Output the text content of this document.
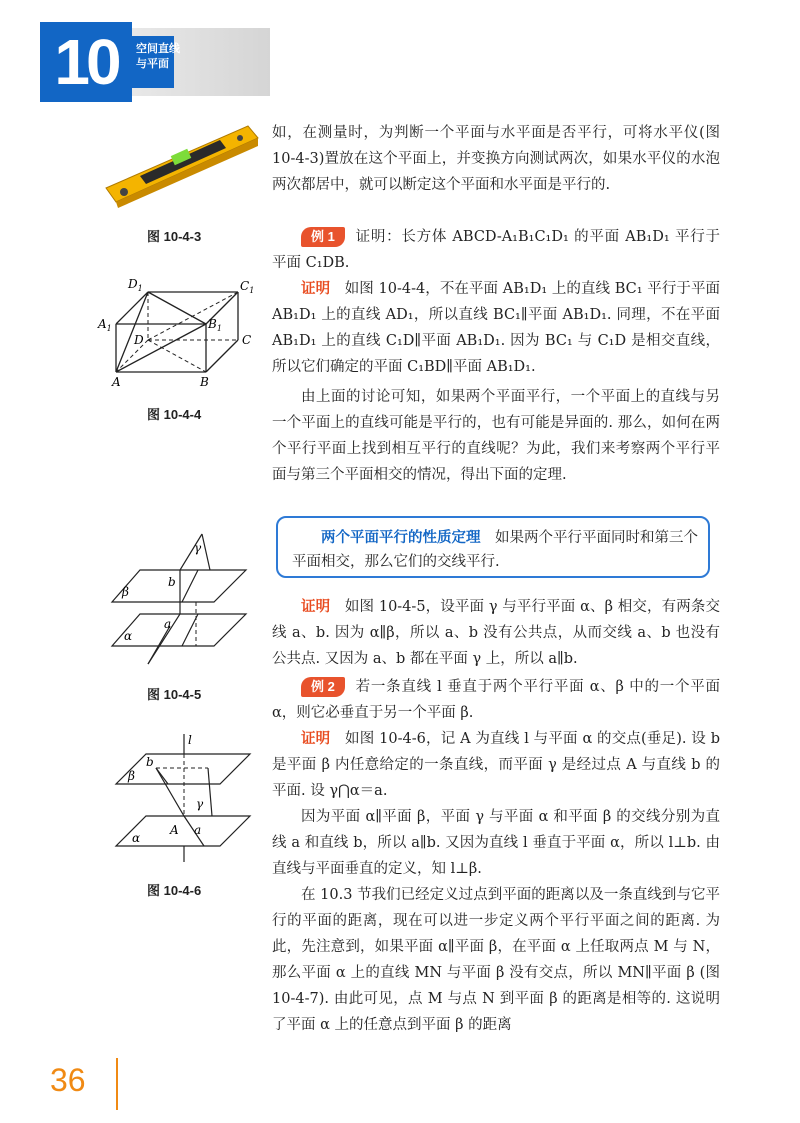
10	空间直线
与平面
图 10-4-3
$D_1$	$C_1$
$A_1$	$B_1$
D	C
A	B
图 10-4-4
γ
β
b
α
a
图 10-4-5
l
β
b
γ
A a
α
图 10-4-6

如，在测量时，为判断一个平面与水平面是否平行，可将水平仪(图 10-4-3)置放在这个平面上，并变换方向测试两次，如果水平仪的水泡两次都居中，就可以断定这个平面和水平面是平行的.

例 1 证明：长方体 ABCD-A₁B₁C₁D₁ 的平面 AB₁D₁ 平行于平面 C₁DB.

证明　 如图 10-4-4，不在平面 AB₁D₁ 上的直线 BC₁ 平行于平面 AB₁D₁ 上的直线 AD₁，所以直线 BC₁∥平面 AB₁D₁. 同理，不在平面 AB₁D₁ 上的直线 C₁D∥平面 AB₁D₁. 因为 BC₁ 与 C₁D 是相交直线，所以它们确定的平面 C₁BD∥平面 AB₁D₁.

由上面的讨论可知，如果两个平面平行，一个平面上的直线与另一个平面上的直线可能是平行的，也有可能是异面的. 那么，如何在两个平行平面上找到相互平行的直线呢？为此，我们来考察两个平行平面与第三个平面相交的情况，得出下面的定理.

两个平面平行的性质定理　 如果两个平行平面同时和第三个平面相交，那么它们的交线平行.

证明　 如图 10-4-5，设平面 γ 与平行平面 α、β 相交，有两条交线 a、b. 因为 α∥β，所以 a、b 没有公共点，从而交线 a、b 也没有公共点. 又因为 a、b 都在平面 γ 上，所以 a∥b.

例 2 若一条直线 l 垂直于两个平行平面 α、β 中的一个平面 α，则它必垂直于另一个平面 β.

证明　 如图 10-4-6，记 A 为直线 l 与平面 α 的交点(垂足). 设 b 是平面 β 内任意给定的一条直线，而平面 γ 是经过点 A 与直线 b 的平面. 设 γ⋂α＝a.

因为平面 α∥平面 β，平面 γ 与平面 α 和平面 β 的交线分别为直线 a 和直线 b，所以 a∥b. 又因为直线 l 垂直于平面 α，所以 l⊥b. 由直线与平面垂直的定义，知 l⊥β.

在 10.3 节我们已经定义过点到平面的距离以及一条直线到与它平行的平面的距离，现在可以进一步定义两个平行平面之间的距离. 为此，先注意到，如果平面 α∥平面 β，在平面 α 上任取两点 M 与 N，那么平面 α 上的直线 MN 与平面 β 没有交点，所以 MN∥平面 β (图 10-4-7). 由此可见，点 M 与点 N 到平面 β 的距离是相等的. 这说明了平面 α 上的任意点到平面 β 的距离

36
